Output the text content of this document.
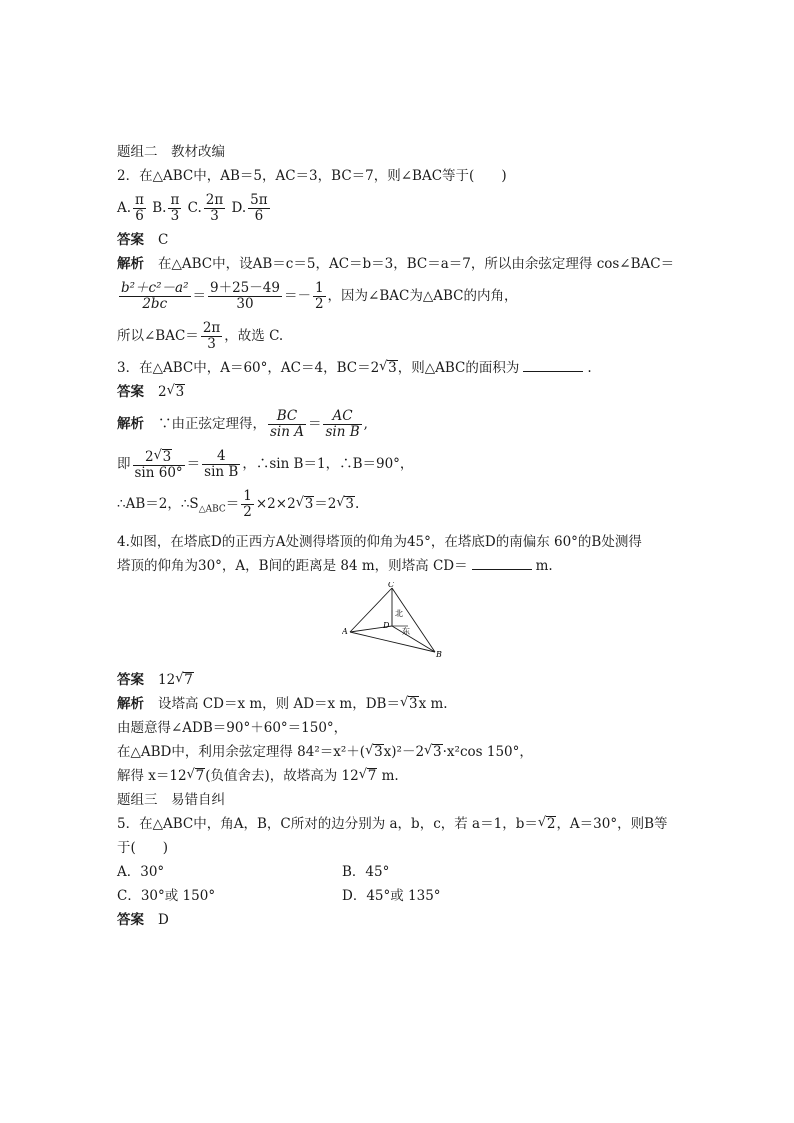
题组二　教材改编
2．在△ABC中，AB＝5，AC＝3，BC＝7，则∠BAC等于(　　)
A. $\frac{\pi}{6} B$. $\frac{\pi}{3} C$. $\frac{2\pi}{3} D$. $\frac{5\pi}{6}$
答案 C
解析 在△ABC中，设AB＝c＝5，AC＝b＝3，BC＝a＝7，所以由余弦定理得 cos∠BAC＝
$\frac{\text{b²＋c²－a²}}{2bc} = \frac{9+25-49}{30} =- \frac{1}{2}$ ，因为∠BAC为△ABC的内角，
所以∠BAC＝ $\frac{2\pi}{3}$ ，故选 C.
3．在△ABC中，A＝60°，AC＝4，BC＝2√ 3，则△ABC的面积为	.
答案 2√ 3
解析 ∵由正弦定理得， $\frac{BC}{\text{sin A}} = \frac{AC}{\text{sin B}}$ ,
即 $\frac{2√ 3}{\sin 60^\circ} = \frac{4}{\text{sin B}}$ ，∴sin B＝1，∴B＝90°，
∴AB＝2，$\therefore S_{\triangle ABC}= \frac{1}{2} \times 2\times 2√$ 3＝2√ 3.
4.如图，在塔底D的正西方A处测得塔顶的仰角为45°，在塔底D的南偏东 60°的B处测得
塔顶的仰角为30°，A，B间的距离是 84 m，则塔高 CD＝	m.
C
A
B
D
北
东
答案 12√ 7
解析 设塔高 CD＝x m，则 AD＝x m，DB＝√ 3x m.
由题意得∠ADB＝90°＋60°＝150°，
在△ABD中，利用余弦定理得 84²＝x²＋(√ 3x)²－2√ 3·x²cos 150°，
解得 x＝12√ 7(负值舍去)，故塔高为 12√ 7 m.
题组三　易错自纠
5．在△ABC中，角A，B，C所对的边分别为 a，b，c，若 a＝1，b＝√ 2，A＝30°，则B等
于(　　)
A．30°	B．45°
C．30°或 150°	D．45°或 135°
答案 D
